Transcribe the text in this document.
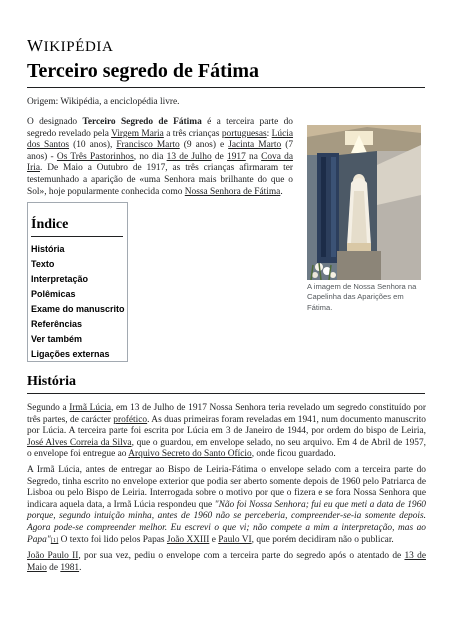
WIKIPÉDIA
Terceiro segredo de Fátima

Origem: Wikipédia, a enciclopédia livre.

O designado Terceiro Segredo de Fátima é a terceira parte do segredo revelado pela Virgem Maria a três crianças portuguesas: Lúcia dos Santos (10 anos), Francisco Marto (9 anos) e Jacinta Marto (7 anos) - Os Três Pastorinhos, no dia 13 de Julho de 1917 na Cova da Iria. De Maio a Outubro de 1917, as três crianças afirmaram ter testemunhado a aparição de «uma Senhora mais brilhante do que o Sol», hoje popularmente conhecida como Nossa Senhora de Fátima.

A imagem de Nossa Senhora na Capelinha das Aparições em Fátima.
Índice
História
Texto
Interpretação
Polêmicas
Exame do manuscrito
Referências
Ver também
Ligações externas
História

Segundo a Irmã Lúcia, em 13 de Julho de 1917 Nossa Senhora teria revelado um segredo constituído por três partes, de carácter profético. As duas primeiras foram reveladas em 1941, num documento manuscrito por Lúcia. A terceira parte foi escrita por Lúcia em 3 de Janeiro de 1944, por ordem do bispo de Leiria, José Alves Correia da Silva, que o guardou, em envelope selado, no seu arquivo. Em 4 de Abril de 1957, o envelope foi entregue ao Arquivo Secreto do Santo Ofício, onde ficou guardado.

A Irmã Lúcia, antes de entregar ao Bispo de Leiria-Fátima o envelope selado com a terceira parte do Segredo, tinha escrito no envelope exterior que podia ser aberto somente depois de 1960 pelo Patriarca de Lisboa ou pelo Bispo de Leiria. Interrogada sobre o motivo por que o fizera e se fora Nossa Senhora que indicara aquela data, a Irmã Lúcia respondeu que "Não foi Nossa Senhora; fui eu que meti a data de 1960 porque, segundo intuição minha, antes de 1960 não se perceberia, compreender-se-ia somente depois. Agora pode-se compreender melhor. Eu escrevi o que vi; não compete a mim a interpretação, mas ao Papa"[1] O texto foi lido pelos Papas João XXIII e Paulo VI, que porém decidiram não o publicar.

João Paulo II, por sua vez, pediu o envelope com a terceira parte do segredo após o atentado de 13 de Maio de 1981.
